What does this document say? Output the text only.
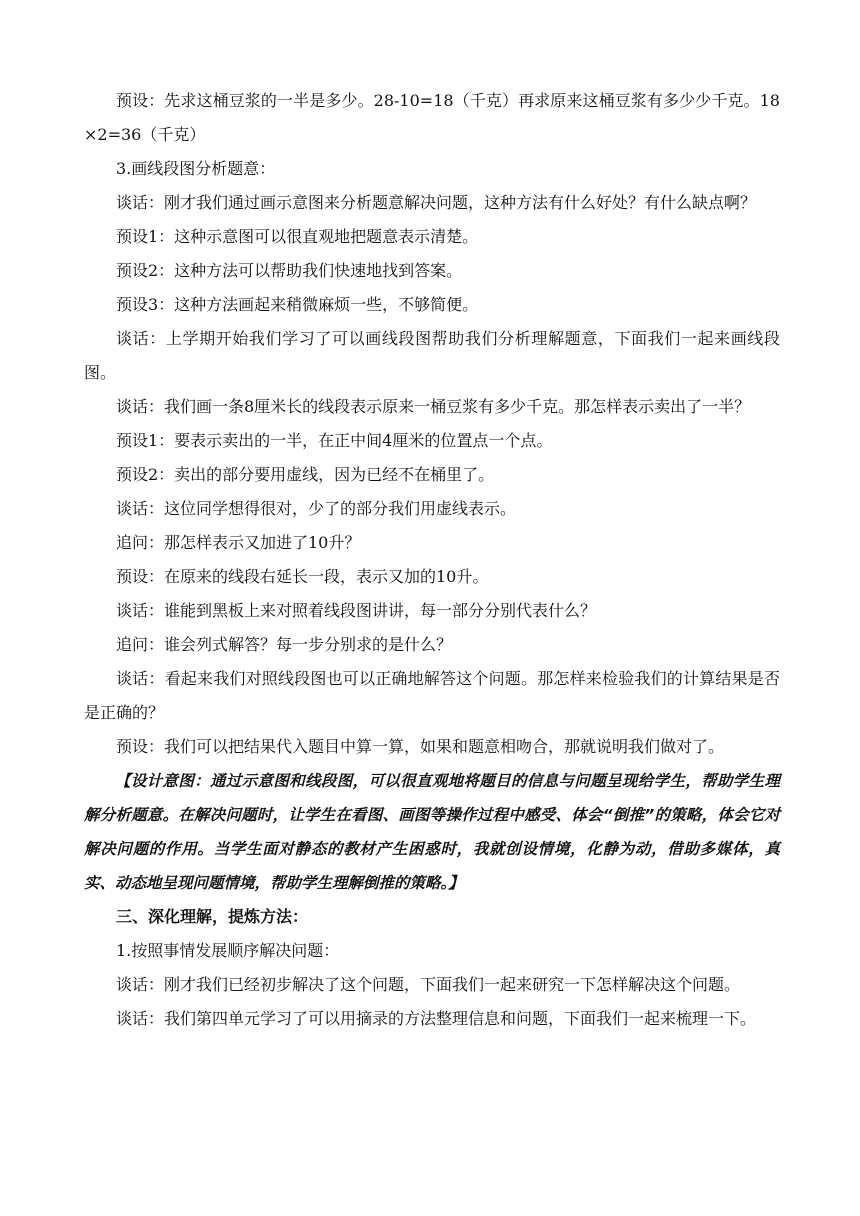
预设：先求这桶豆浆的一半是多少。28-10=18（千克）再求原来这桶豆浆有多少少千克。18×2=36（千克）

3.画线段图分析题意：

谈话：刚才我们通过画示意图来分析题意解决问题，这种方法有什么好处？有什么缺点啊？

预设1：这种示意图可以很直观地把题意表示清楚。

预设2：这种方法可以帮助我们快速地找到答案。

预设3：这种方法画起来稍微麻烦一些，不够简便。

谈话：上学期开始我们学习了可以画线段图帮助我们分析理解题意，下面我们一起来画线段图。

谈话：我们画一条8厘米长的线段表示原来一桶豆浆有多少千克。那怎样表示卖出了一半？

预设1：要表示卖出的一半，在正中间4厘米的位置点一个点。

预设2：卖出的部分要用虚线，因为已经不在桶里了。

谈话：这位同学想得很对，少了的部分我们用虚线表示。

追问：那怎样表示又加进了10升？

预设：在原来的线段右延长一段，表示又加的10升。

谈话：谁能到黑板上来对照着线段图讲讲，每一部分分别代表什么？

追问：谁会列式解答？每一步分别求的是什么？

谈话：看起来我们对照线段图也可以正确地解答这个问题。那怎样来检验我们的计算结果是否是正确的？

预设：我们可以把结果代入题目中算一算，如果和题意相吻合，那就说明我们做对了。

【设计意图：通过示意图和线段图，可以很直观地将题目的信息与问题呈现给学生，帮助学生理解分析题意。在解决问题时，让学生在看图、画图等操作过程中感受、体会“倒推”的策略，体会它对解决问题的作用。当学生面对静态的教材产生困惑时，我就创设情境，化静为动，借助多媒体，真实、动态地呈现问题情境，帮助学生理解倒推的策略。】

三、深化理解，提炼方法：

1.按照事情发展顺序解决问题：

谈话：刚才我们已经初步解决了这个问题，下面我们一起来研究一下怎样解决这个问题。

谈话：我们第四单元学习了可以用摘录的方法整理信息和问题，下面我们一起来梳理一下。
